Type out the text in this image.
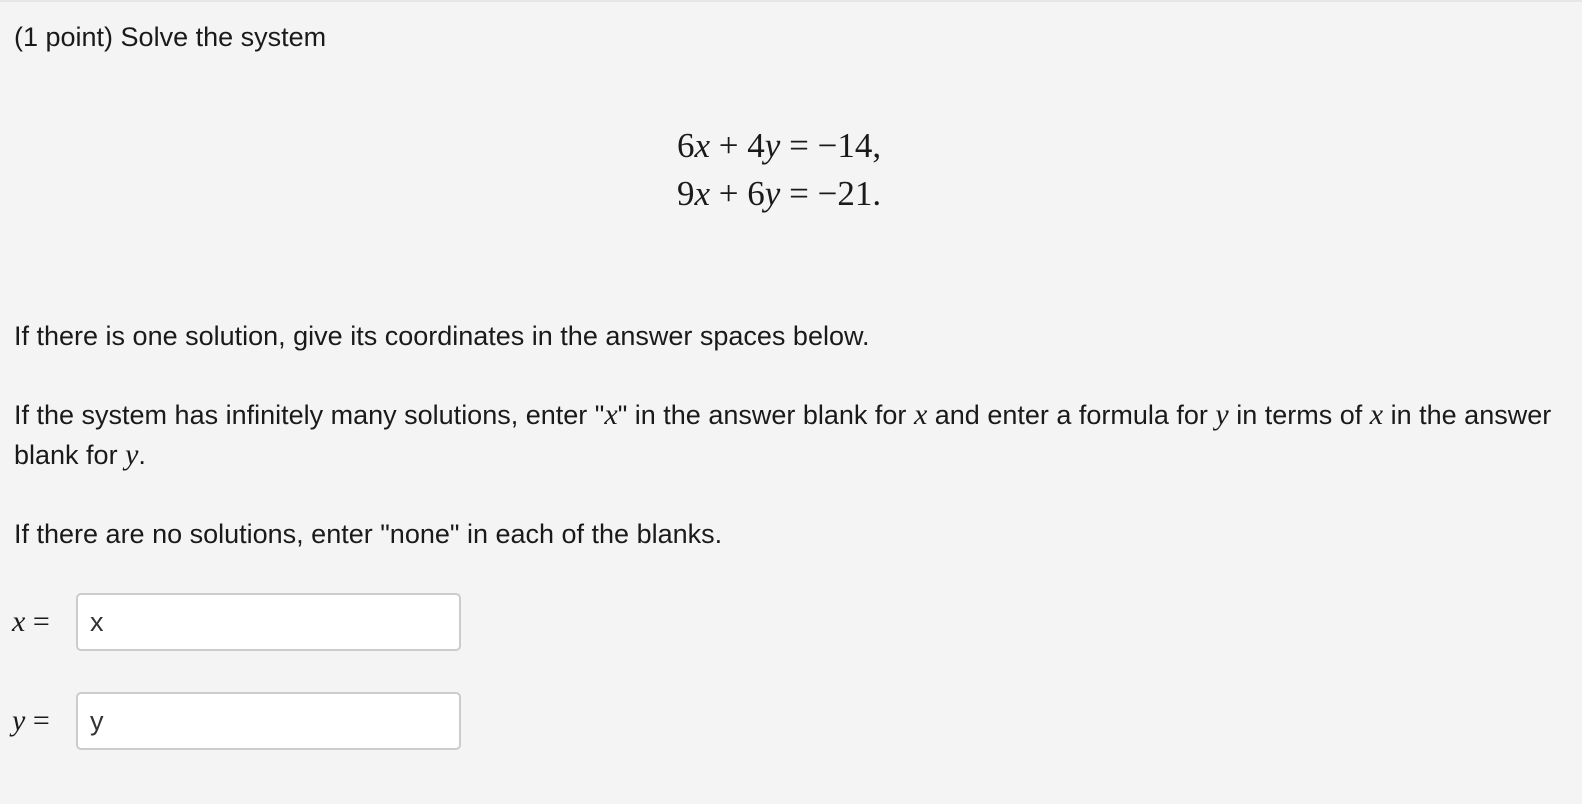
(1 point) Solve the system
6x + 4y = −14,
9x + 6y = −21.
If there is one solution, give its coordinates in the answer spaces below.
If the system has infinitely many solutions, enter "x" in the answer blank for x and enter a formula for y in terms of x in the answer blank for y.
If there are no solutions, enter "none" in each of the blanks.
x =
x
y =
y
